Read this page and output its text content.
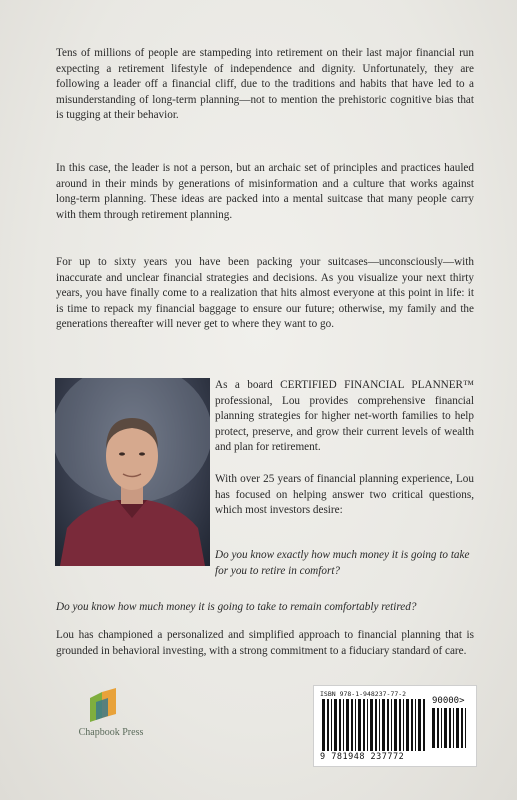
Tens of millions of people are stampeding into retirement on their last major financial run expecting a retirement lifestyle of independence and dignity. Unfortunately, they are following a leader off a financial cliff, due to the traditions and habits that have led to a misunderstanding of long-term planning—not to mention the prehistoric cognitive bias that is tugging at their behavior.

In this case, the leader is not a person, but an archaic set of principles and practices hauled around in their minds by generations of misinformation and a culture that works against long-term planning. These ideas are packed into a mental suitcase that many people carry with them through retirement planning.

For up to sixty years you have been packing your suitcases—unconsciously—with inaccurate and unclear financial strategies and decisions. As you visualize your next thirty years, you have finally come to a realization that hits almost everyone at this point in life: it is time to repack my financial baggage to ensure our future; otherwise, my family and the generations thereafter will never get to where they want to go.

As a board CERTIFIED FINANCIAL PLANNER™ professional, Lou provides comprehensive financial planning strategies for higher net-worth families to help protect, preserve, and grow their current levels of wealth and plan for retirement.

With over 25 years of financial planning experience, Lou has focused on helping answer two critical questions, which most investors desire:

Do you know exactly how much money it is going to take for you to retire in comfort?

Do you know how much money it is going to take to remain comfortably retired?

Lou has championed a personalized and simplified approach to financial planning that is grounded in behavioral investing, with a strong commitment to a fiduciary standard of care.

Chapbook Press
ISBN 978-1-948237-77-2
90000>
9 781948 237772
